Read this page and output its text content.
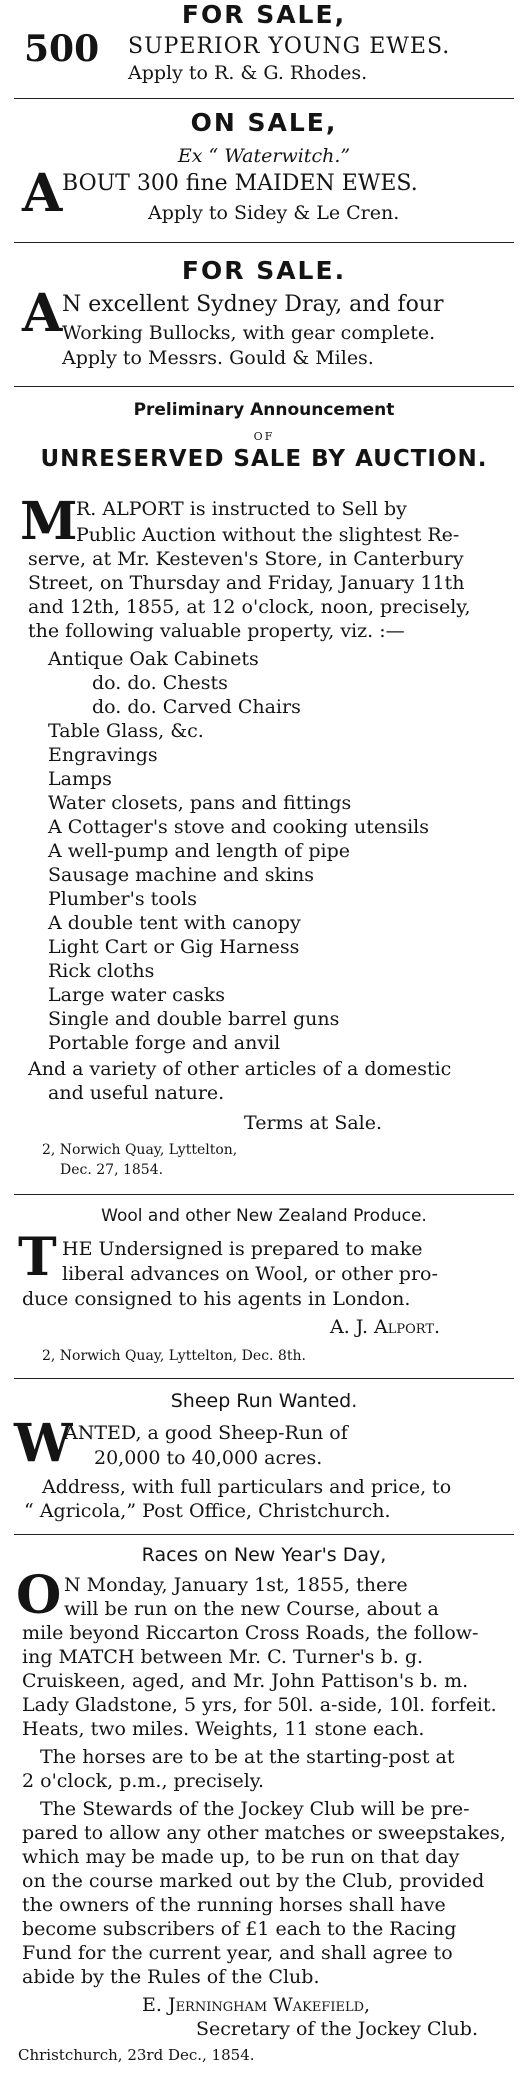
FOR SALE,
500 SUPERIOR YOUNG EWES.
Apply to R. & G. Rhodes.
ON SALE,
Ex “ Waterwitch.”
A BOUT 300 fine MAIDEN EWES.
Apply to Sidey & Le Cren.
FOR SALE.
A N excellent Sydney Dray, and four
Working Bullocks, with gear complete.
Apply to Messrs. Gould & Miles.
Preliminary Announcement
OF
UNRESERVED SALE BY AUCTION.
M
R. ALPORT is instructed to Sell by
Public Auction without the slightest Re-
serve, at Mr. Kesteven's Store, in Canterbury
Street, on Thursday and Friday, January 11th
and 12th, 1855, at 12 o'clock, noon, precisely,
the following valuable property, viz. :—
Antique Oak Cabinets
do. do. Chests
do. do. Carved Chairs
Table Glass, &c.
Engravings
Lamps
Water closets, pans and fittings
A Cottager's stove and cooking utensils
A well-pump and length of pipe
Sausage machine and skins
Plumber's tools
A double tent with canopy
Light Cart or Gig Harness
Rick cloths
Large water casks
Single and double barrel guns
Portable forge and anvil
And a variety of other articles of a domestic
and useful nature.
Terms at Sale.
2, Norwich Quay, Lyttelton,
Dec. 27, 1854.
Wool and other New Zealand Produce.
T HE Undersigned is prepared to make
liberal advances on Wool, or other pro-
duce consigned to his agents in London.
A. J. Alport.
2, Norwich Quay, Lyttelton, Dec. 8th.
Sheep Run Wanted.
W
ANTED, a good Sheep-Run of
20,000 to 40,000 acres.
Address, with full particulars and price, to
“ Agricola,” Post Office, Christchurch.
Races on New Year's Day,
O N Monday, January 1st, 1855, there
will be run on the new Course, about a
mile beyond Riccarton Cross Roads, the follow-
ing MATCH between Mr. C. Turner's b. g.
Cruiskeen, aged, and Mr. John Pattison's b. m.
Lady Gladstone, 5 yrs, for 50l. a-side, 10l. forfeit.
Heats, two miles. Weights, 11 stone each.
The horses are to be at the starting-post at
2 o'clock, p.m., precisely.
The Stewards of the Jockey Club will be pre-
pared to allow any other matches or sweepstakes,
which may be made up, to be run on that day
on the course marked out by the Club, provided
the owners of the running horses shall have
become subscribers of £1 each to the Racing
Fund for the current year, and shall agree to
abide by the Rules of the Club.
E. Jerningham Wakefield,
Secretary of the Jockey Club.
Christchurch, 23rd Dec., 1854.
